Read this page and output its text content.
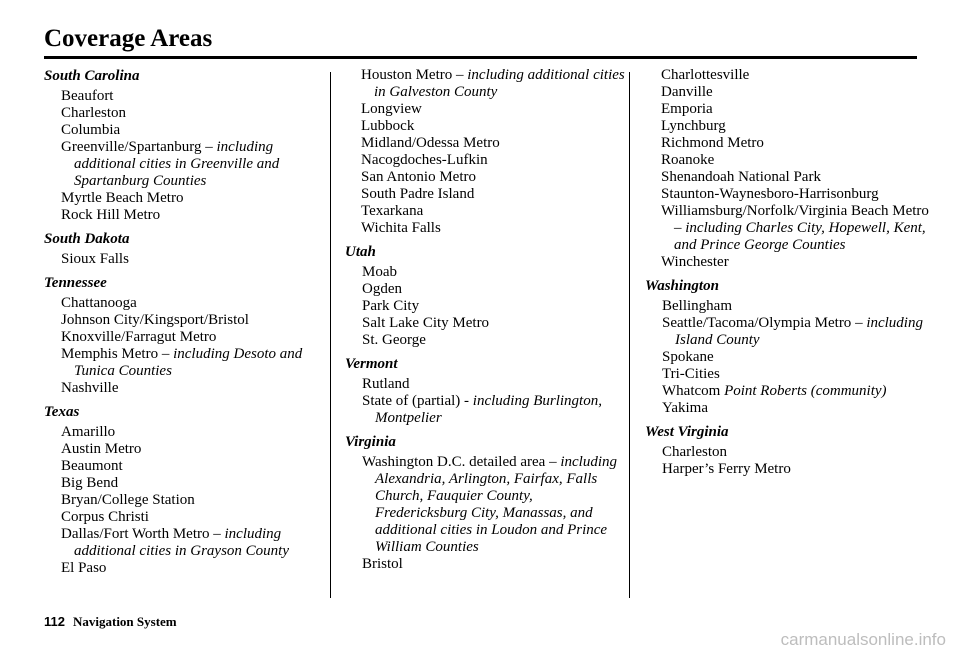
Coverage Areas
South Carolina
Beaufort
Charleston
Columbia
Greenville/Spartanburg – including additional cities in Greenville and Spartanburg Counties
Myrtle Beach Metro
Rock Hill Metro
South Dakota
Sioux Falls
Tennessee
Chattanooga
Johnson City/Kingsport/Bristol
Knoxville/Farragut Metro
Memphis Metro – including Desoto and Tunica Counties
Nashville
Texas
Amarillo
Austin Metro
Beaumont
Big Bend
Bryan/College Station
Corpus Christi
Dallas/Fort Worth Metro – including additional cities in Grayson County
El Paso
Houston Metro – including additional cities in Galveston County
Longview
Lubbock
Midland/Odessa Metro
Nacogdoches-Lufkin
San Antonio Metro
South Padre Island
Texarkana
Wichita Falls
Utah
Moab
Ogden
Park City
Salt Lake City Metro
St. George
Vermont
Rutland
State of (partial) - including Burlington, Montpelier
Virginia
Washington D.C. detailed area – including Alexandria, Arlington, Fairfax, Falls Church, Fauquier County, Fredericksburg City, Manassas, and additional cities in Loudon and Prince William Counties
Bristol
Charlottesville
Danville
Emporia
Lynchburg
Richmond Metro
Roanoke
Shenandoah National Park
Staunton-Waynesboro-Harrisonburg
Williamsburg/Norfolk/Virginia Beach Metro – including Charles City, Hopewell, Kent, and Prince George Counties
Winchester
Washington
Bellingham
Seattle/Tacoma/Olympia Metro – including Island County
Spokane
Tri-Cities
Whatcom Point Roberts (community)
Yakima
West Virginia
Charleston
Harper’s Ferry Metro
112 Navigation System
carmanualsonline.info
